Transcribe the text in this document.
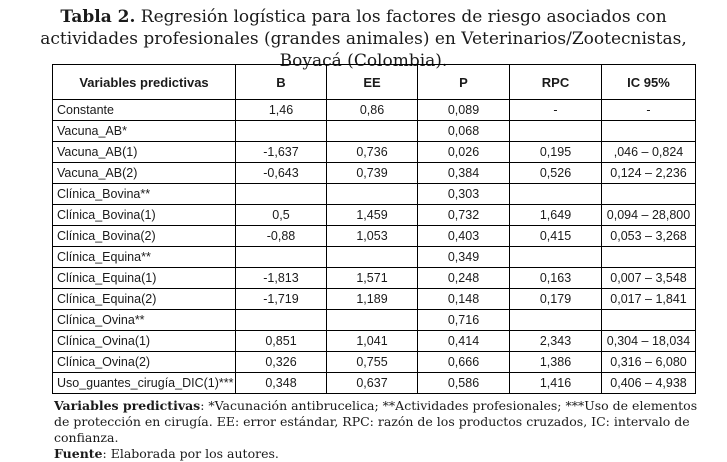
Tabla 2. Regresión logística para los factores de riesgo asociados con actividades profesionales (grandes animales) en Veterinarios/Zootecnistas, Boyacá (Colombia).
Variables predictivas	B	EE	P	RPC	IC 95%
Constante	1,46	0,86	0,089	-	-
Vacuna_AB*			0,068		
Vacuna_AB(1)	-1,637	0,736	0,026	0,195	,046 – 0,824
Vacuna_AB(2)	-0,643	0,739	0,384	0,526	0,124 – 2,236
Clínica_Bovina**			0,303		
Clínica_Bovina(1)	0,5	1,459	0,732	1,649	0,094 – 28,800
Clínica_Bovina(2)	-0,88	1,053	0,403	0,415	0,053 – 3,268
Clínica_Equina**			0,349		
Clínica_Equina(1)	-1,813	1,571	0,248	0,163	0,007 – 3,548
Clínica_Equina(2)	-1,719	1,189	0,148	0,179	0,017 – 1,841
Clínica_Ovina**			0,716		
Clínica_Ovina(1)	0,851	1,041	0,414	2,343	0,304 – 18,034
Clínica_Ovina(2)	0,326	0,755	0,666	1,386	0,316 – 6,080
Uso_guantes_cirugía_DIC(1)***	0,348	0,637	0,586	1,416	0,406 – 4,938

Variables predictivas: *Vacunación antibrucelica; **Actividades profesionales; ***Uso de elementos de protección en cirugía. EE: error estándar, RPC: razón de los productos cruzados, IC: intervalo de confianza.

Fuente: Elaborada por los autores.
